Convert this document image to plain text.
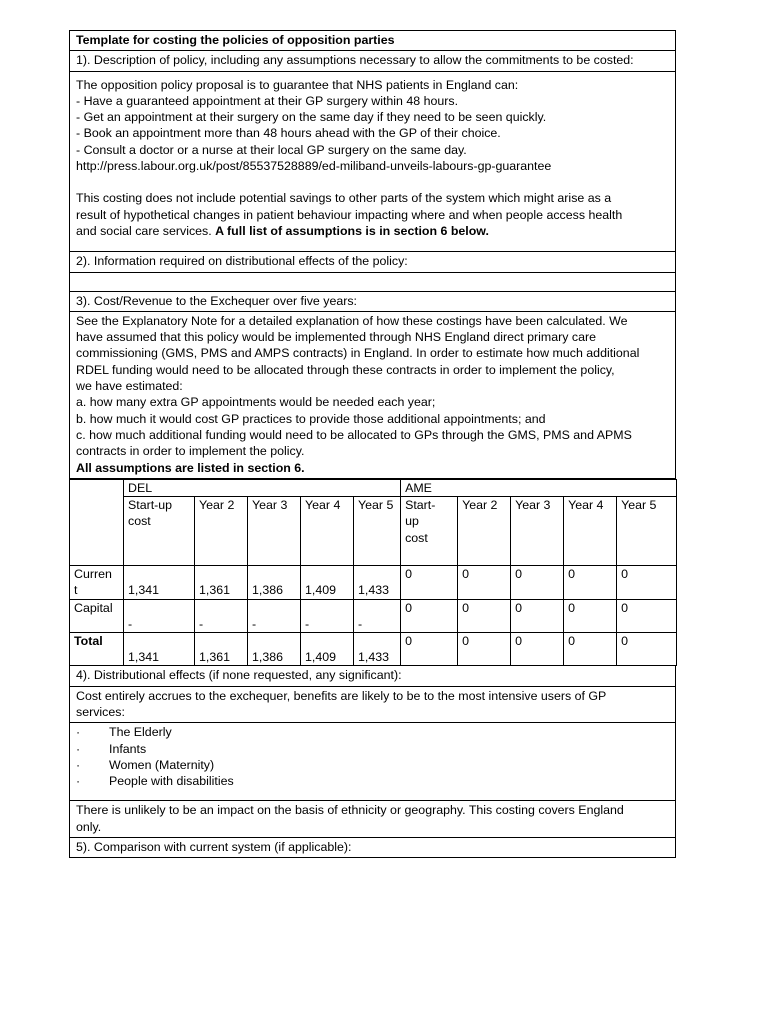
Template for costing the policies of opposition parties
1). Description of policy, including any assumptions necessary to allow the commitments to be costed:
The opposition policy proposal is to guarantee that NHS patients in England can:
- Have a guaranteed appointment at their GP surgery within 48 hours.
- Get an appointment at their surgery on the same day if they need to be seen quickly.
- Book an appointment more than 48 hours ahead with the GP of their choice.
- Consult a doctor or a nurse at their local GP surgery on the same day.
http://press.labour.org.uk/post/85537528889/ed-miliband-unveils-labours-gp-guarantee
This costing does not include potential savings to other parts of the system which might arise as a
result of hypothetical changes in patient behaviour impacting where and when people access health
and social care services. A full list of assumptions is in section 6 below.
2). Information required on distributional effects of the policy:
3). Cost/Revenue to the Exchequer over five years:
See the Explanatory Note for a detailed explanation of how these costings have been calculated. We
have assumed that this policy would be implemented through NHS England direct primary care
commissioning (GMS, PMS and AMPS contracts) in England. In order to estimate how much additional
RDEL funding would need to be allocated through these contracts in order to implement the policy,
we have estimated:
a. how many extra GP appointments would be needed each year;
b. how much it would cost GP practices to provide those additional appointments; and
c. how much additional funding would need to be allocated to GPs through the GMS, PMS and APMS
contracts in order to implement the policy.
All assumptions are listed in section 6.
	DEL					AME				

	Start-up
cost	Year 2	Year 3	Year 4	Year 5	Start-
up
cost	Year 2	Year 3	Year 4	Year 5

Curren
t	1,341	1,361	1,386	1,409	1,433	0	0	0	0	0

Capital	-	-	-	-	-	0	0	0	0	0

Total	1,341	1,361	1,386	1,409	1,433	0	0	0	0	0
4). Distributional effects (if none requested, any significant):
Cost entirely accrues to the exchequer, benefits are likely to be to the most intensive users of GP
services:
· The Elderly
· Infants
· Women (Maternity)
· People with disabilities
There is unlikely to be an impact on the basis of ethnicity or geography. This costing covers England
only.
5). Comparison with current system (if applicable):
